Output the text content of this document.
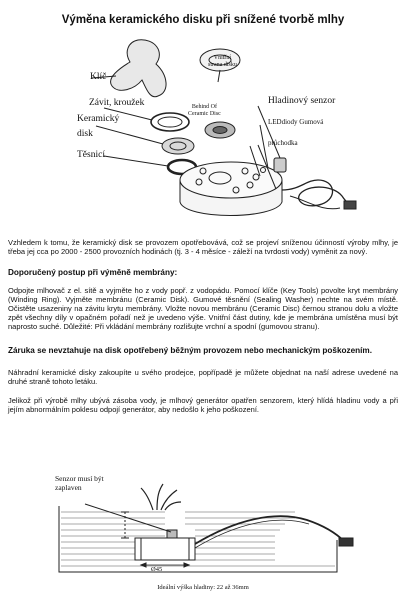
Výměna keramického disku při snížené tvorbě mlhy
Klíč
Závit, kroužek
Keramický
disk
Těsnicí
Vnitřní
strana disku
Behind Of
Ceramic Disc
Hladinový senzor
LEDdiody Gumová
průchodka

Vzhledem k tomu, že keramický disk se provozem opotřebovává, což se projeví sníženou účinností výroby mlhy, je třeba jej cca po 2000 - 2500 provozních hodinách (tj. 3 - 4 měsíce - záleží na tvrdosti vody) vyměnit za nový.

Doporučený postup při výměně membrány:

Odpojte mlhovač z el. sítě a vyjměte ho z vody popř. z vodopádu. Pomocí klíče (Key Tools) povolte kryt membrány (Winding Ring). Vyjměte membránu (Ceramic Disk). Gumové těsnění (Sealing Washer) nechte na svém místě. Očistěte usazeniny na závitu krytu membrány. Vložte novou membránu (Ceramic Disc) černou stranou dolu a vložte zpět všechny díly v opačném pořadí než je uvedeno výše. Vnitřní část dutiny, kde je membrána umístěna musí být naprosto suché. Důležité: Při vkládání membrány rozlišujte vrchní a spodní (gumovou stranu).

Záruka se nevztahuje na disk opotřebený běžným provozem nebo mechanickým poškozením.

Náhradní keramické disky zakoupíte u svého prodejce, popřípadě je můžete objednat na naší adrese uvedené na druhé straně tohoto letáku.

Jelikož při výrobě mlhy ubývá zásoba vody, je mlhový generátor opatřen senzorem, který hlídá hladinu vody a při jejím abnormálním poklesu odpojí generátor, aby nedošlo k jeho poškození.

Senzor musí být
zaplaven
Ø45
Ideální výška hladiny: 22 až 36mm
